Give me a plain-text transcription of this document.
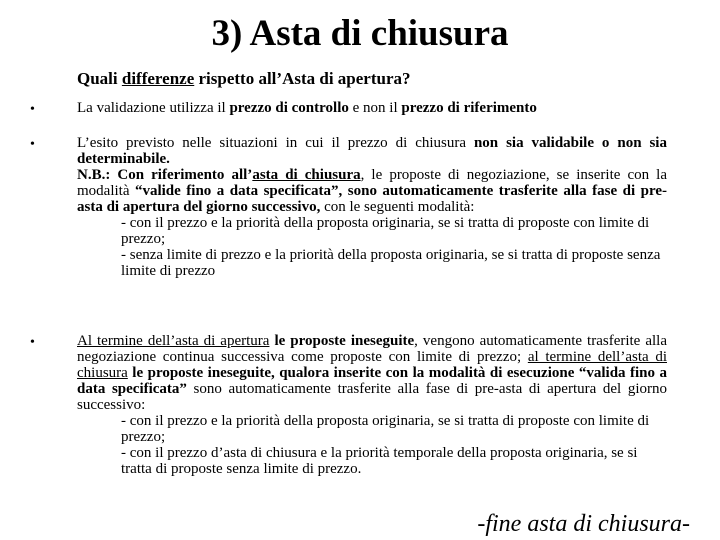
3) Asta di chiusura
Quali differenze rispetto all’Asta di apertura?
•	La validazione utilizza il prezzo di controllo e non il prezzo di riferimento
•	L’esito previsto nelle situazioni in cui il prezzo di chiusura non sia validabile o non sia determinabile.
N.B.: Con riferimento all’asta di chiusura, le proposte di negoziazione, se inserite con la modalità “valide fino a data specificata”, sono automaticamente trasferite alla fase di pre-asta di apertura del giorno successivo, con le seguenti modalità:
- con il prezzo e la priorità della proposta originaria, se si tratta di proposte con limite di prezzo;
- senza limite di prezzo e la priorità della proposta originaria, se si tratta di proposte senza limite di prezzo
•	Al termine dell’asta di apertura le proposte ineseguite, vengono automaticamente trasferite alla negoziazione continua successiva come proposte con limite di prezzo; al termine dell’asta di chiusura le proposte ineseguite, qualora inserite con la modalità di esecuzione “valida fino a data specificata” sono automaticamente trasferite alla fase di pre-asta di apertura del giorno successivo:
- con il prezzo e la priorità della proposta originaria, se si tratta di proposte con limite di prezzo;
- con il prezzo d’asta di chiusura e la priorità temporale della proposta originaria, se si tratta di proposte senza limite di prezzo.
-fine asta di chiusura-
